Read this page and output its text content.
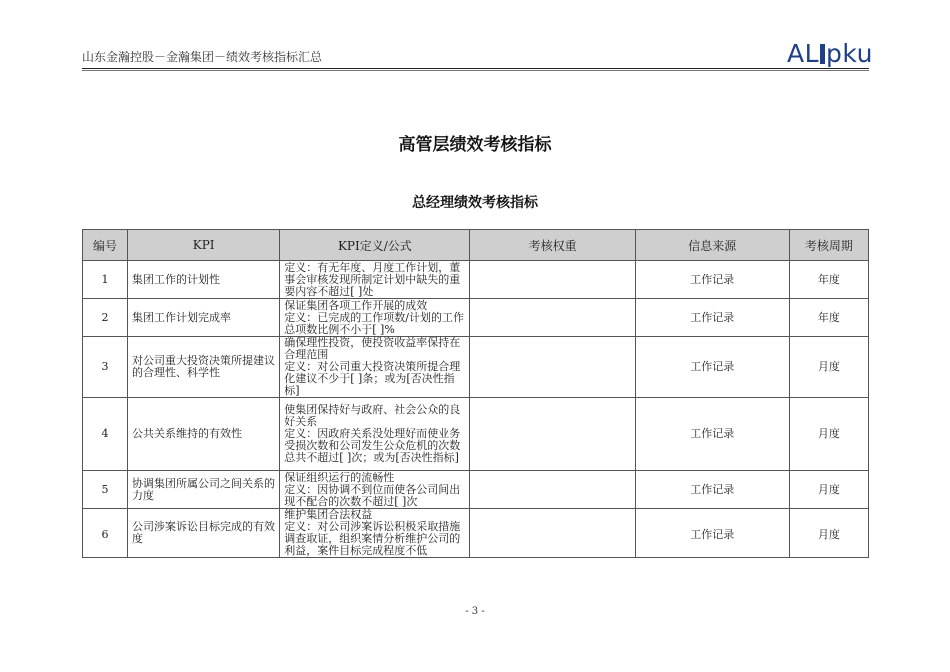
山东金瀚控股－金瀚集团－绩效考核指标汇总	AL pku
高管层绩效考核指标
总经理绩效考核指标
编号	KPI	KPI定义/公式	考核权重	信息来源	考核周期
1	集团工作的计划性	定义：有无年度、月度工作计划，董事会审核发现所制定计划中缺失的重要内容不超过[ ]处		工作记录	年度
2	集团工作计划完成率	保证集团各项工作开展的成效
定义：已完成的工作项数/计划的工作总项数比例不小于[ ]%		工作记录	年度
3	对公司重大投资决策所提建议的合理性、科学性	确保理性投资，使投资收益率保持在合理范围
定义：对公司重大投资决策所提合理化建议不少于[ ]条；或为[否决性指标]		工作记录	月度
4	公共关系维持的有效性	使集团保持好与政府、社会公众的良好关系
定义：因政府关系没处理好而使业务受损次数和公司发生公众危机的次数总共不超过[ ]次；或为[否决性指标]		工作记录	月度
5	协调集团所属公司之间关系的力度	保证组织运行的流畅性
定义：因协调不到位而使各公司间出现不配合的次数不超过[ ]次		工作记录	月度

6	公司涉案诉讼目标完成的有效度	维护集团合法权益
定义：对公司涉案诉讼积极采取措施调查取证，组织案情分析维护公司的利益，案件目标完成程度不低		工作记录	月度
- 3 -
